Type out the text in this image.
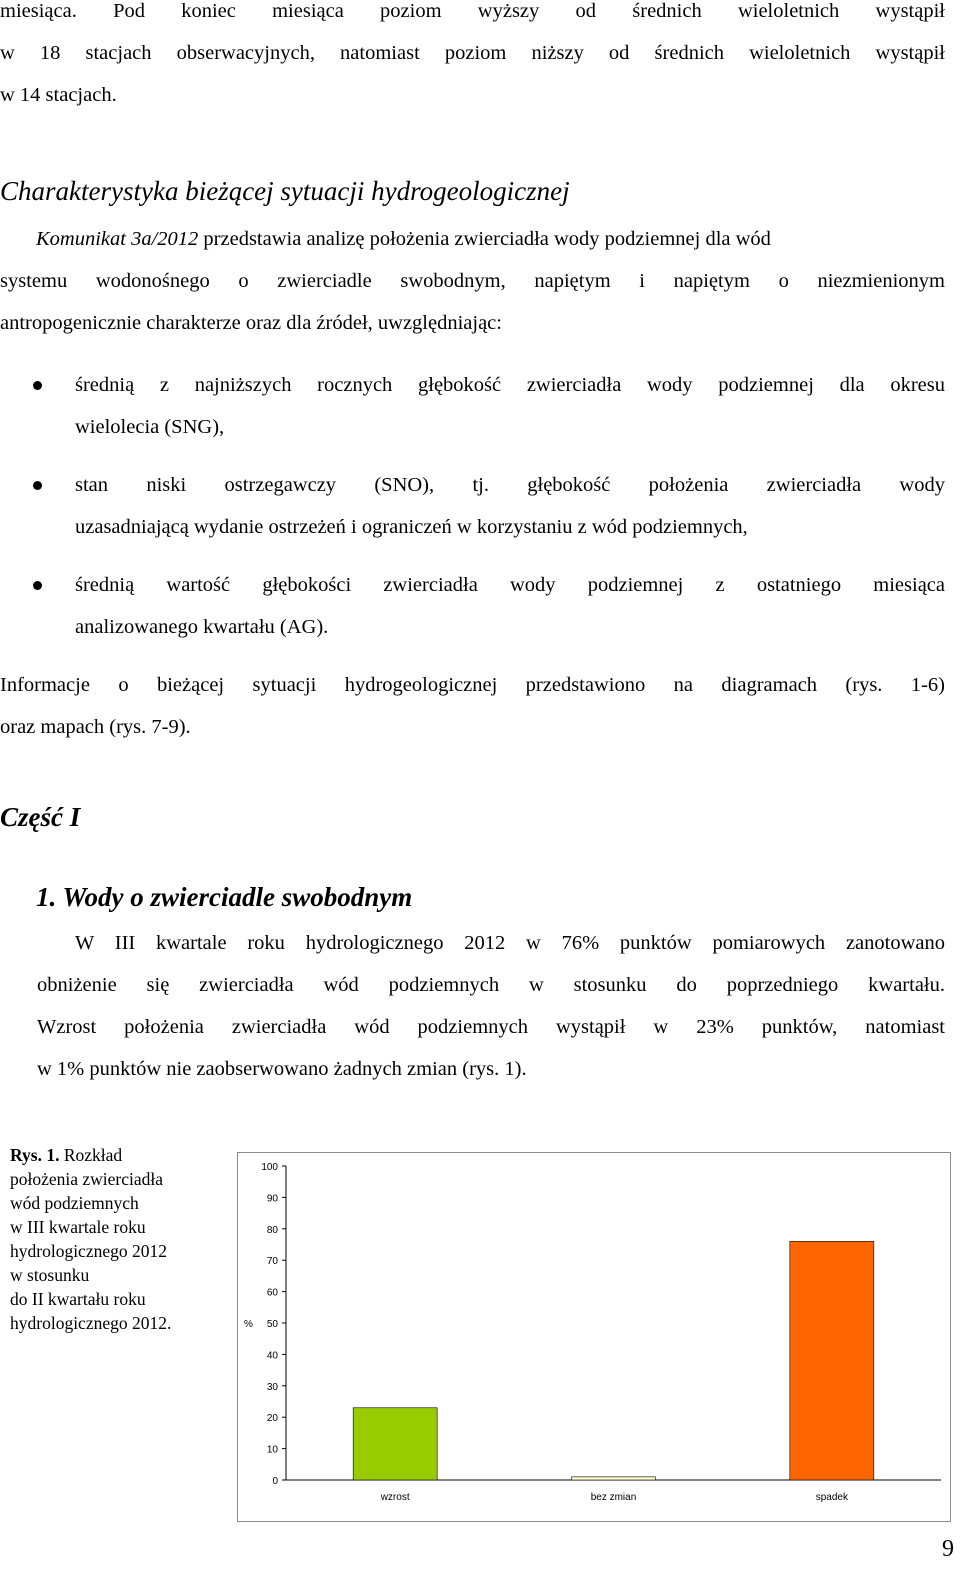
miesiąca. Pod koniec miesiąca poziom wyższy od średnich wieloletnich wystąpił
w 18 stacjach obserwacyjnych, natomiast poziom niższy od średnich wieloletnich wystąpił
w 14 stacjach.
Charakterystyka bieżącej sytuacji hydrogeologicznej
Komunikat 3a/2012 przedstawia analizę położenia zwierciadła wody podziemnej dla wód
systemu wodonośnego o zwierciadle swobodnym, napiętym i napiętym o niezmienionym
antropogenicznie charakterze oraz dla źródeł, uwzględniając:
średnią z najniższych rocznych głębokość zwierciadła wody podziemnej dla okresu
wielolecia (SNG),
stan niski ostrzegawczy (SNO), tj. głębokość położenia zwierciadła wody
uzasadniającą wydanie ostrzeżeń i ograniczeń w korzystaniu z wód podziemnych,
średnią wartość głębokości zwierciadła wody podziemnej z ostatniego miesiąca
analizowanego kwartału (AG).
Informacje o bieżącej sytuacji hydrogeologicznej przedstawiono na diagramach (rys. 1-6)
oraz mapach (rys. 7-9).
Część I
1. Wody o zwierciadle swobodnym
W III kwartale roku hydrologicznego 2012 w 76% punktów pomiarowych zanotowano
obniżenie się zwierciadła wód podziemnych w stosunku do poprzedniego kwartału.
Wzrost położenia zwierciadła wód podziemnych wystąpił w 23% punktów, natomiast
w 1% punktów nie zaobserwowano żadnych zmian (rys. 1).
Rys. 1. Rozkład
położenia zwierciadła
wód podziemnych
w III kwartale roku
hydrologicznego 2012
w stosunku
do II kwartału roku
hydrologicznego 2012.
0
10
20
30
40
50
60
70
80
90
100
%
wzrost	bez zmian	spadek
9
